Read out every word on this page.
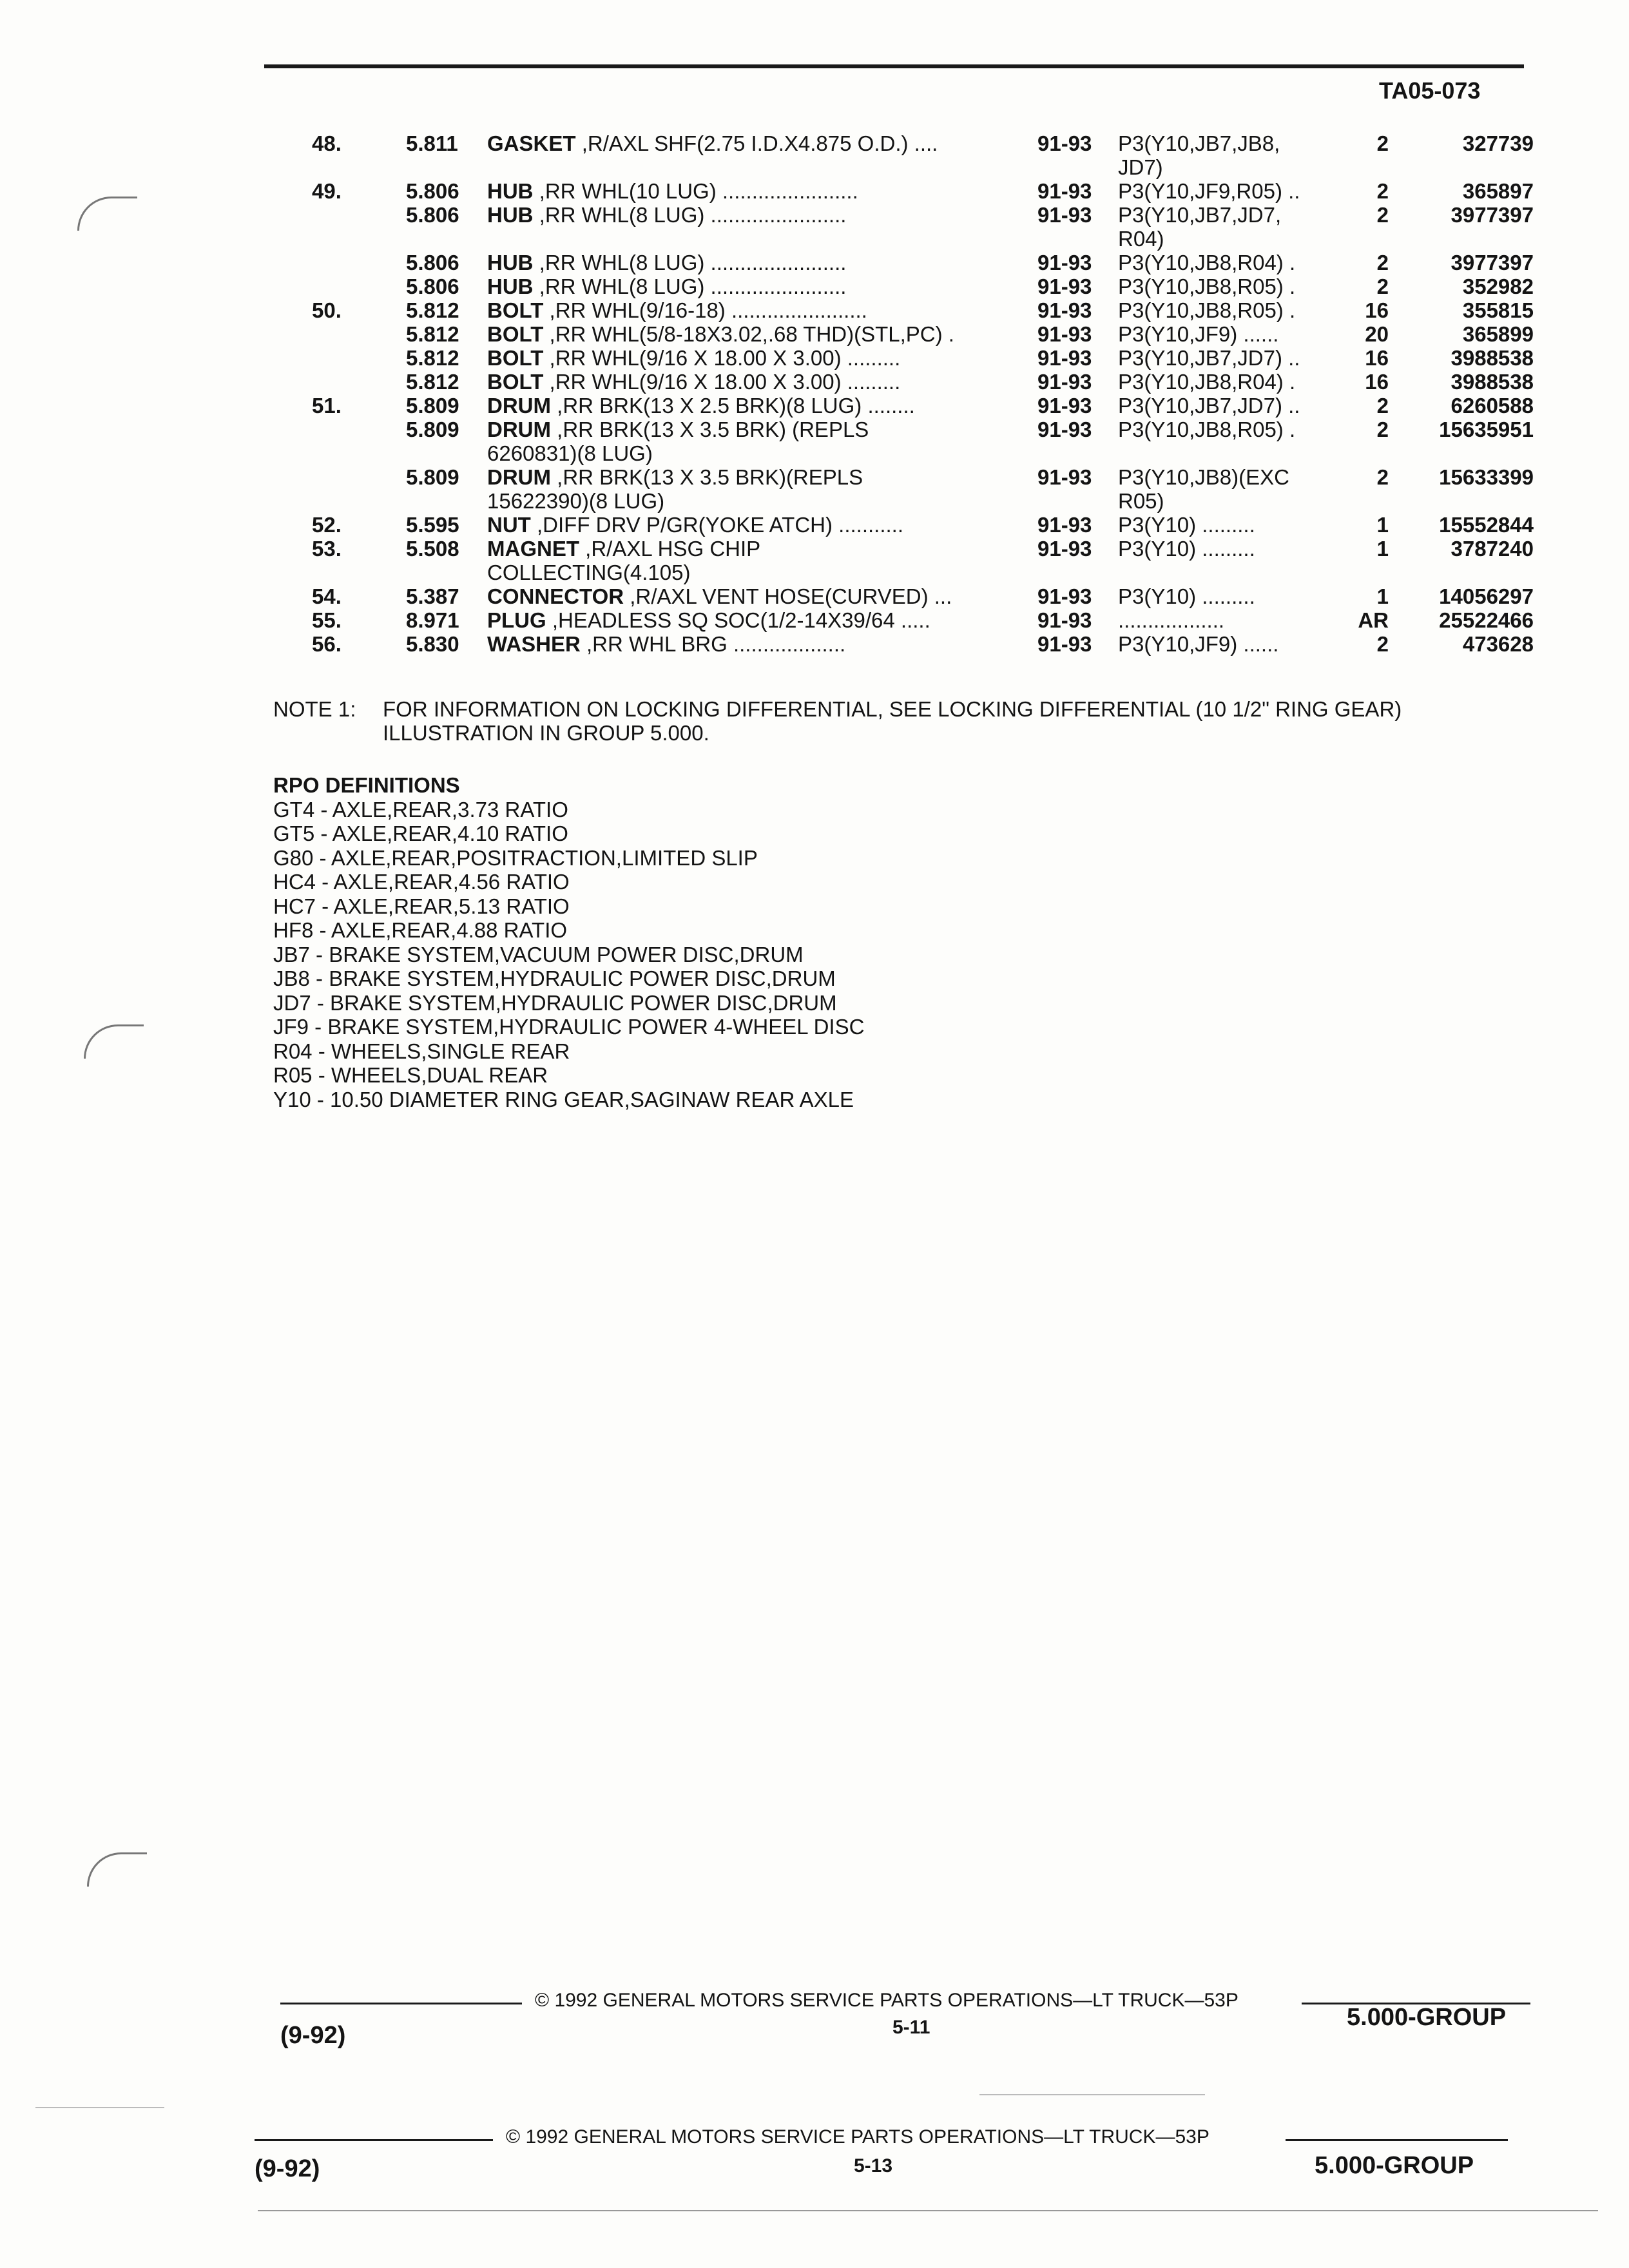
TA05-073
48.	5.811 GASKET ,R/AXL SHF(2.75 I.D.X4.875 O.D.) ....	91-93 P3(Y10,JB7,JB8,	2	327739
JD7)
49.	5.806 HUB ,RR WHL(10 LUG) .......................	91-93 P3(Y10,JF9,R05) ..	2	365897
5.806 HUB ,RR WHL(8 LUG) .......................	91-93 P3(Y10,JB7,JD7,	2	3977397
R04)
5.806 HUB ,RR WHL(8 LUG) .......................	91-93 P3(Y10,JB8,R04) .	2	3977397
5.806 HUB ,RR WHL(8 LUG) .......................	91-93 P3(Y10,JB8,R05) .	2	352982
50.	5.812 BOLT ,RR WHL(9/16-18) .......................	91-93 P3(Y10,JB8,R05) .	16	355815
5.812 BOLT ,RR WHL(5/8-18X3.02,.68 THD)(STL,PC) .	91-93 P3(Y10,JF9) ......	20	365899
5.812 BOLT ,RR WHL(9/16 X 18.00 X 3.00) .........	91-93 P3(Y10,JB7,JD7) ..	16	3988538
5.812 BOLT ,RR WHL(9/16 X 18.00 X 3.00) .........	91-93 P3(Y10,JB8,R04) .	16	3988538
51.	5.809 DRUM ,RR BRK(13 X 2.5 BRK)(8 LUG) ........	91-93 P3(Y10,JB7,JD7) ..	2	6260588
5.809 DRUM ,RR BRK(13 X 3.5 BRK) (REPLS	91-93 P3(Y10,JB8,R05) .	2	15635951
6260831)(8 LUG)
5.809 DRUM ,RR BRK(13 X 3.5 BRK)(REPLS	91-93 P3(Y10,JB8)(EXC	2	15633399
15622390)(8 LUG)	R05)
52.	5.595 NUT ,DIFF DRV P/GR(YOKE ATCH) ...........	91-93 P3(Y10) .........	1	15552844
53.	5.508 MAGNET ,R/AXL HSG CHIP	91-93 P3(Y10) .........	1	3787240
COLLECTING(4.105)
54.	5.387 CONNECTOR ,R/AXL VENT HOSE(CURVED) ...	91-93 P3(Y10) .........	1	14056297
55.	8.971 PLUG ,HEADLESS SQ SOC(1/2-14X39/64 .....	91-93 ..................	AR	25522466
56.	5.830 WASHER ,RR WHL BRG ...................	91-93 P3(Y10,JF9) ......	2	473628
NOTE 1: FOR INFORMATION ON LOCKING DIFFERENTIAL, SEE LOCKING DIFFERENTIAL (10 1/2" RING GEAR)
ILLUSTRATION IN GROUP 5.000.
RPO DEFINITIONS
GT4 - AXLE,REAR,3.73 RATIO
GT5 - AXLE,REAR,4.10 RATIO
G80 - AXLE,REAR,POSITRACTION,LIMITED SLIP
HC4 - AXLE,REAR,4.56 RATIO
HC7 - AXLE,REAR,5.13 RATIO
HF8 - AXLE,REAR,4.88 RATIO
JB7 - BRAKE SYSTEM,VACUUM POWER DISC,DRUM
JB8 - BRAKE SYSTEM,HYDRAULIC POWER DISC,DRUM
JD7 - BRAKE SYSTEM,HYDRAULIC POWER DISC,DRUM
JF9 - BRAKE SYSTEM,HYDRAULIC POWER 4-WHEEL DISC
R04 - WHEELS,SINGLE REAR
R05 - WHEELS,DUAL REAR
Y10 - 10.50 DIAMETER RING GEAR,SAGINAW REAR AXLE
© 1992 GENERAL MOTORS SERVICE PARTS OPERATIONS—LT TRUCK—53P
(9-92)	5-11	5.000-GROUP
© 1992 GENERAL MOTORS SERVICE PARTS OPERATIONS—LT TRUCK—53P
(9-92)	5-13	5.000-GROUP
